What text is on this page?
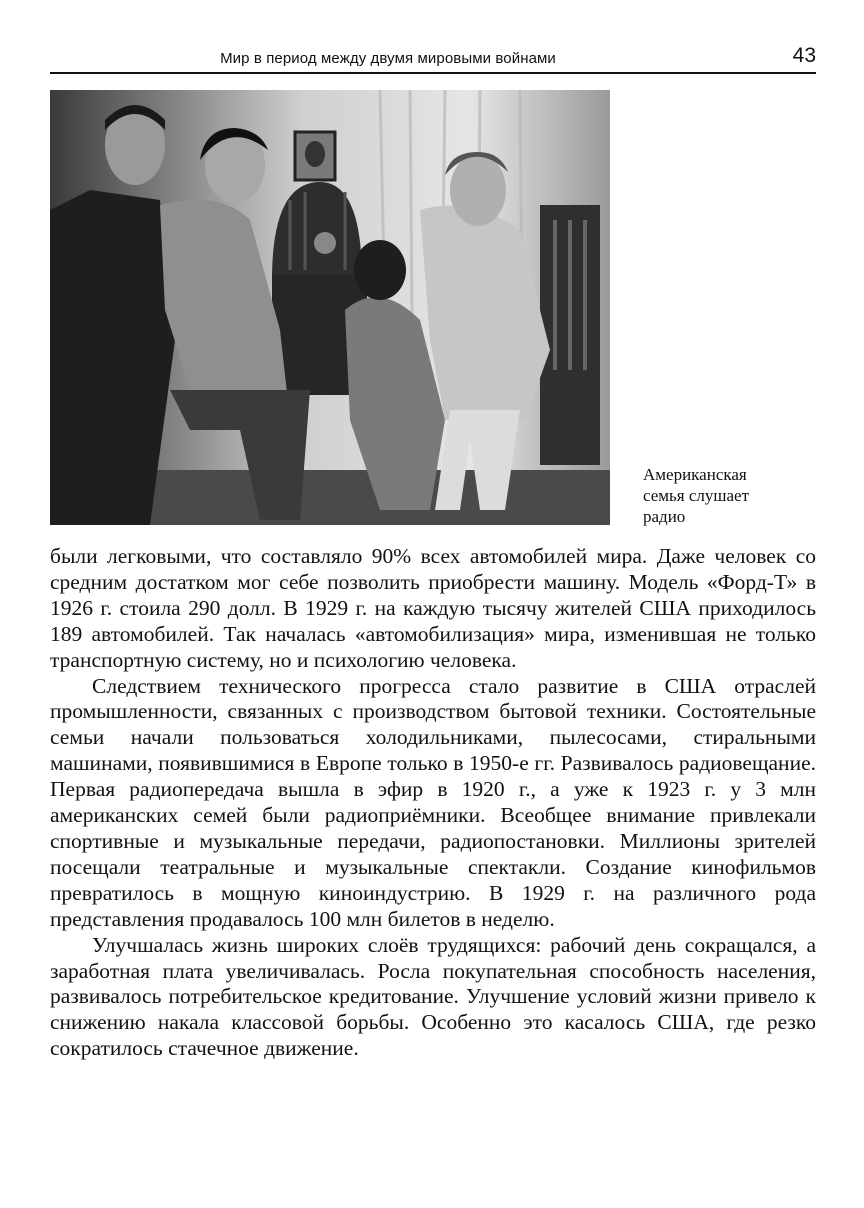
Мир в период между двумя мировыми войнами	43
Американская
семья слушает
радио

были легковыми, что составляло 90% всех автомобилей мира. Даже человек со средним достатком мог себе позволить приобрести машину. Модель «Форд-Т» в 1926 г. стоила 290 долл. В 1929 г. на каждую тысячу жителей США приходилось 189 автомобилей. Так началась «автомобилизация» мира, изменившая не только транспортную систему, но и психологию человека.

Следствием технического прогресса стало развитие в США отраслей промышленности, связанных с производством бытовой техники. Состоятельные семьи начали пользоваться холодильниками, пылесосами, стиральными машинами, появившимися в Европе только в 1950-е гг. Развивалось радиовещание. Первая радиопередача вышла в эфир в 1920 г., а уже к 1923 г. у 3 млн американских семей были радиоприёмники. Всеобщее внимание привлекали спортивные и музыкальные передачи, радиопостановки. Миллионы зрителей посещали театральные и музыкальные спектакли. Создание кинофильмов превратилось в мощную киноиндустрию. В 1929 г. на различного рода представления продавалось 100 млн билетов в неделю.

Улучшалась жизнь широких слоёв трудящихся: рабочий день сокращался, а заработная плата увеличивалась. Росла покупательная способность населения, развивалось потребительское кредитование. Улучшение условий жизни привело к снижению накала классовой борьбы. Особенно это касалось США, где резко сократилось стачечное движение.
